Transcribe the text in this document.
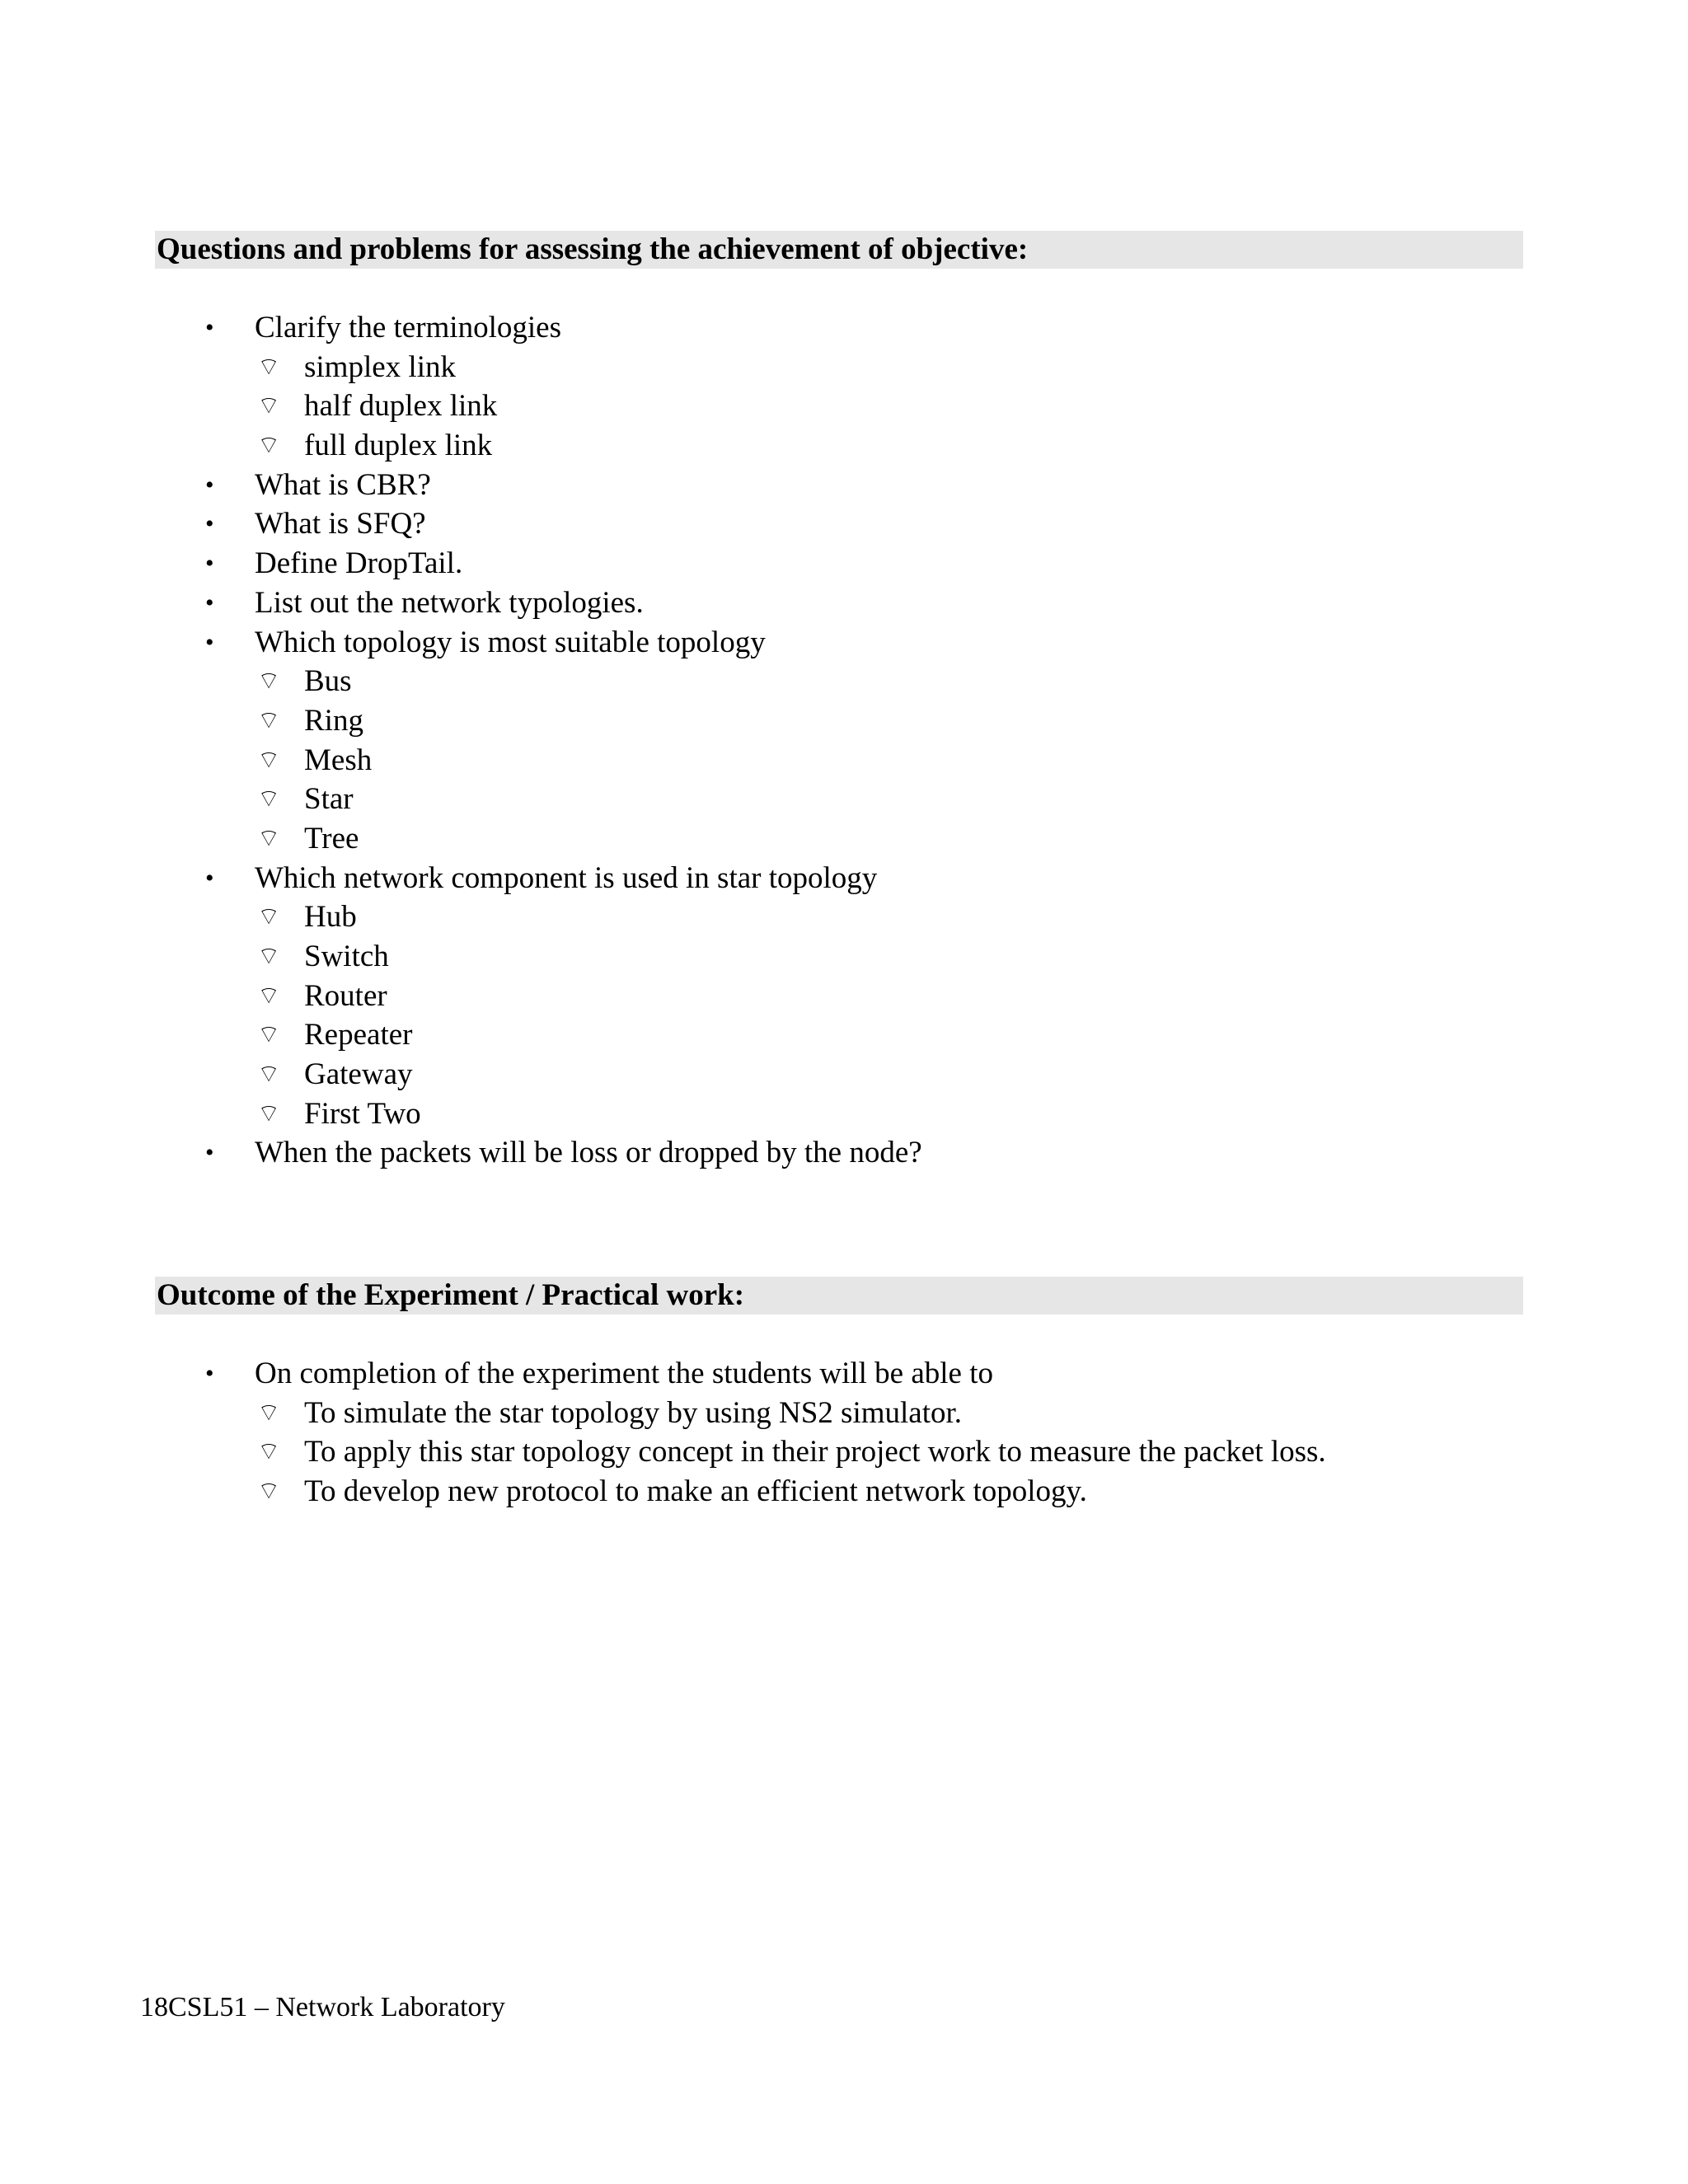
Questions and problems for assessing the achievement of objective:
• Clarify the terminologies
⌔ simplex link
⌔ half duplex link
⌔ full duplex link
• What is CBR?
• What is SFQ?
• Define DropTail.
• List out the network typologies.
• Which topology is most suitable topology
⌔ Bus
⌔ Ring
⌔ Mesh
⌔ Star
⌔ Tree
• Which network component is used in star topology
⌔ Hub
⌔ Switch
⌔ Router
⌔ Repeater
⌔ Gateway
⌔ First Two
• When the packets will be loss or dropped by the node?
Outcome of the Experiment / Practical work:
• On completion of the experiment the students will be able to
⌔ To simulate the star topology by using NS2 simulator.
⌔ To apply this star topology concept in their project work to measure the packet loss.
⌔ To develop new protocol to make an efficient network topology.
18CSL51 – Network Laboratory
